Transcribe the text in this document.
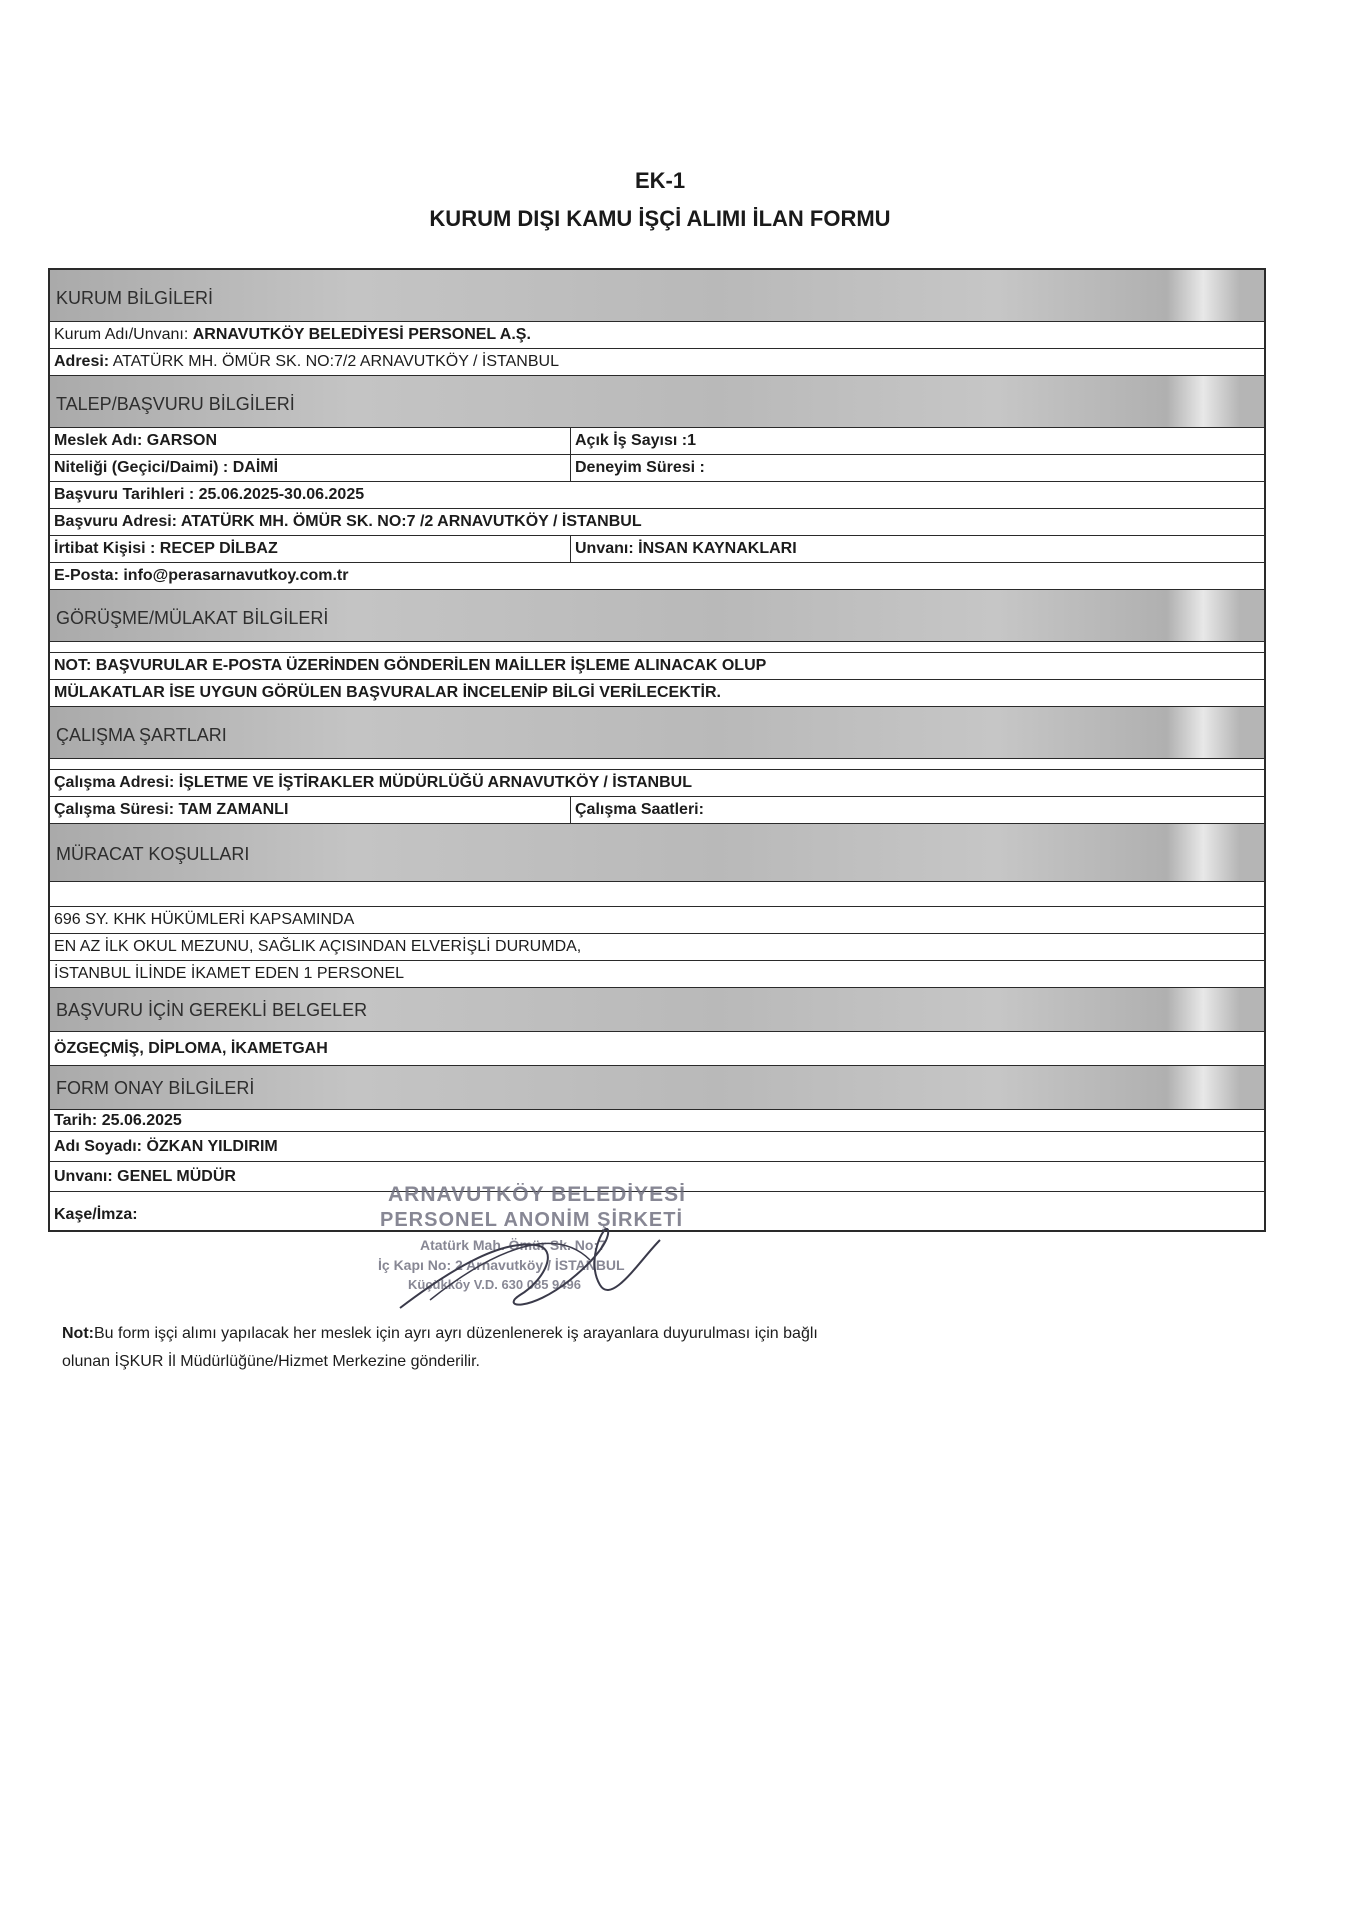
EK-1
KURUM DIŞI KAMU İŞÇİ ALIMI İLAN FORMU
KURUM BİLGİLERİ
Kurum Adı/Unvanı: ARNAVUTKÖY BELEDİYESİ PERSONEL A.Ş.
Adresi: ATATÜRK MH. ÖMÜR SK. NO:7/2 ARNAVUTKÖY / İSTANBUL
TALEP/BAŞVURU BİLGİLERİ
Meslek Adı: GARSON	Açık İş Sayısı :1
Niteliği (Geçici/Daimi) : DAİMİ	Deneyim Süresi :
Başvuru Tarihleri : 25.06.2025-30.06.2025
Başvuru Adresi: ATATÜRK MH. ÖMÜR SK. NO:7 /2 ARNAVUTKÖY / İSTANBUL
İrtibat Kişisi : RECEP DİLBAZ	Unvanı: İNSAN KAYNAKLARI
E-Posta: info@perasarnavutkoy.com.tr
GÖRÜŞME/MÜLAKAT BİLGİLERİ
NOT: BAŞVURULAR E-POSTA ÜZERİNDEN GÖNDERİLEN MAİLLER İŞLEME ALINACAK OLUP
MÜLAKATLAR İSE UYGUN GÖRÜLEN BAŞVURALAR İNCELENİP BİLGİ VERİLECEKTİR.
ÇALIŞMA ŞARTLARI
Çalışma Adresi: İŞLETME VE İŞTİRAKLER MÜDÜRLÜĞÜ ARNAVUTKÖY / İSTANBUL
Çalışma Süresi: TAM ZAMANLI	Çalışma Saatleri:
MÜRACAT KOŞULLARI
696 SY. KHK HÜKÜMLERİ KAPSAMINDA
EN AZ İLK OKUL MEZUNU, SAĞLIK AÇISINDAN ELVERİŞLİ DURUMDA,
İSTANBUL İLİNDE İKAMET EDEN 1 PERSONEL
BAŞVURU İÇİN GEREKLİ BELGELER
ÖZGEÇMİŞ, DİPLOMA, İKAMETGAH
FORM ONAY BİLGİLERİ
Tarih: 25.06.2025
Adı Soyadı: ÖZKAN YILDIRIM
Unvanı: GENEL MÜDÜR
Kaşe/İmza:
ARNAVUTKÖY BELEDİYESİ
PERSONEL ANONİM ŞİRKETİ
Atatürk Mah. Ömür Sk. No:7
İç Kapı No: 2 Arnavutköy / İSTANBUL
Küçükköy V.D. 630 085 9496
Not:Bu form işçi alımı yapılacak her meslek için ayrı ayrı düzenlenerek iş arayanlara duyurulması için bağlı
olunan İŞKUR İl Müdürlüğüne/Hizmet Merkezine gönderilir.
